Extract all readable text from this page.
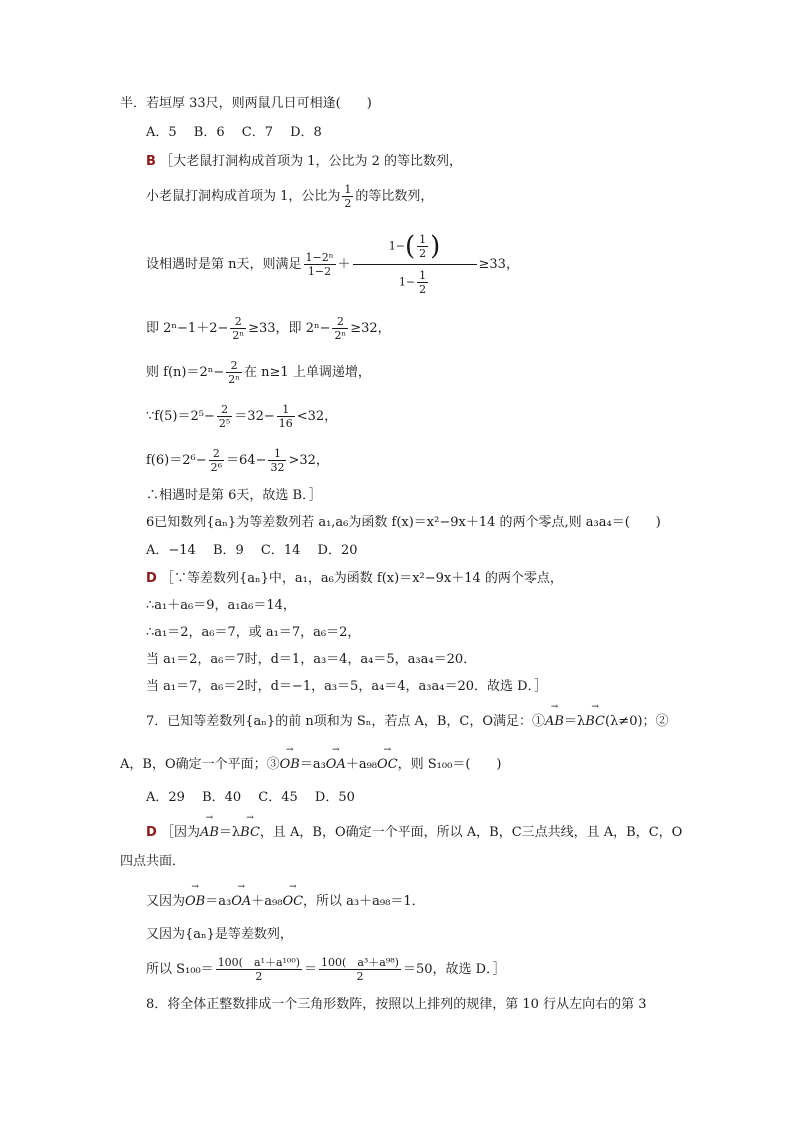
半．若垣厚 33尺，则两鼠几日可相逢(　　)
A．5　 B．6　 C．7　 D．8
B ［大老鼠打洞构成首项为 1，公比为 2 的等比数列，
小老鼠打洞构成首项为 1，公比为 $\frac{1}{2}$ 的等比数列，
设相遇时是第 n天，则满足 $\frac{\text{1−2ⁿ}}{1-2} + \frac{1-( \frac{1}{2} )}{1- \frac{1}{2}} \ge 33$，
即 $2^n-1+2- \frac{2}{\text{2ⁿ}} \ge 33$，即 $2^n- \frac{2}{\text{2ⁿ}} \ge 32$，
则 $f(n)=2^n- \frac{2}{\text{2ⁿ}}$ 在 n≥1 上单调递增，
∵f(5)＝2⁵− $\frac{2}{\text{2⁵}} =32- \frac{1}{16} <32$，
$f(6)=2^6- \frac{2}{\text{2⁶}} =64- \frac{1}{32} >32$，
∴相遇时是第 6天，故选 B．］
6已知数列{aₙ}为等差数列若 a₁,a₆为函数 f(x)＝x²−9x＋14 的两个零点,则 a₃a₄＝(　　)
A．−14　 B．9　 C．14　 D．20
D ［∵等差数列{aₙ}中，a₁，a₆为函数 f(x)＝x²−9x＋14 的两个零点，
∴a₁＋a₆＝9，a₁a₆＝14，
∴a₁＝2，a₆＝7，或 a₁＝7，a₆＝2，
当 a₁＝2，a₆＝7时，d＝1，a₃＝4，a₄＝5，a₃a₄＝20．
当 a₁＝7，a₆＝2时，d＝−1，a₃＝5，a₄＝4，a₃a₄＝20．故选 D．］
7．已知等差数列{aₙ}的前 n项和为 Sₙ，若点 A，B，C，O满足：①→ AB＝λ→ BC(λ≠0)；②
A，B，O确定一个平面；③→ OB＝a₃→ OA＋a₉₈→ OC，则 S₁₀₀＝(　　)
A．29　 B．40　 C．45　 D．50
D ［因为→ AB＝λ→ BC，且 A，B，O确定一个平面，所以 A，B，C三点共线，且 A，B，C，O
四点共面．
又因为→ OB＝a₃→ OA＋a₉₈→ OC，所以 a₃＋a₉₈＝1．
又因为{aₙ}是等差数列，
所以 $S_{100}= \frac{\text{100(　a¹＋a¹⁰⁰)}}{2} = \frac{\text{100(　a³＋a⁹⁸)}}{2} =50$，故选 D．］
8．将全体正整数排成一个三角形数阵，按照以上排列的规律，第 10 行从左向右的第 3
